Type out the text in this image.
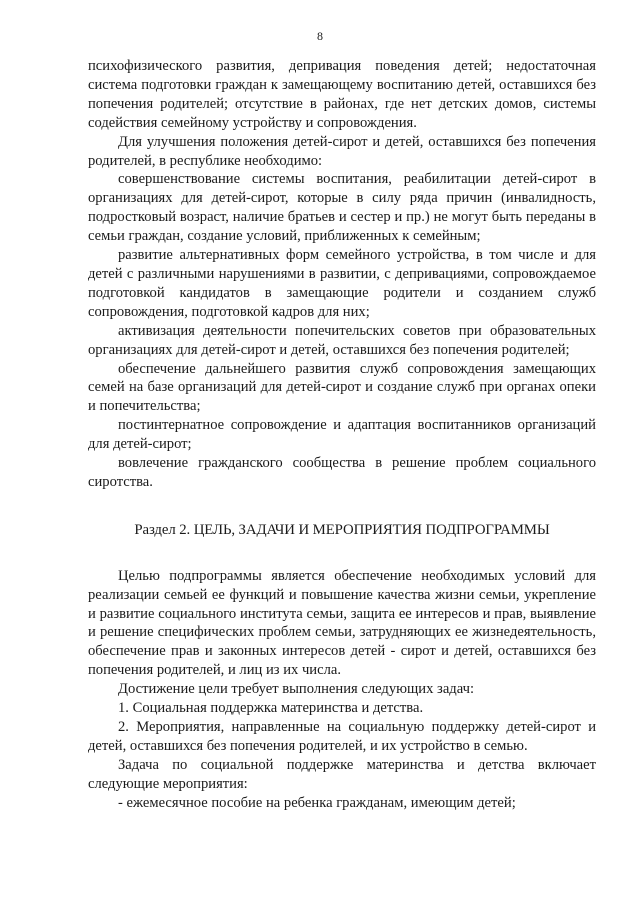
8

психофизического развития, депривация поведения детей; недостаточная система подготовки граждан к замещающему воспитанию детей, оставшихся без попечения родителей; отсутствие в районах, где нет детских домов, системы содействия семейному устройству и сопровождения.

Для улучшения положения детей-сирот и детей, оставшихся без попечения родителей, в республике необходимо:

совершенствование системы воспитания, реабилитации детей-сирот в организациях для детей-сирот, которые в силу ряда причин (инвалидность, подростковый возраст, наличие братьев и сестер и пр.) не могут быть переданы в семьи граждан, создание условий, приближенных к семейным;

развитие альтернативных форм семейного устройства, в том числе и для детей с различными нарушениями в развитии, с депривациями, сопровождаемое подготовкой кандидатов в замещающие родители и созданием служб сопровождения, подготовкой кадров для них;

активизация деятельности попечительских советов при образовательных организациях для детей-сирот и детей, оставшихся без попечения родителей;

обеспечение дальнейшего развития служб сопровождения замещающих семей на базе организаций для детей-сирот и создание служб при органах опеки и попечительства;

постинтернатное сопровождение и адаптация воспитанников организаций для детей-сирот;

вовлечение гражданского сообщества в решение проблем социального сиротства.

Раздел 2. ЦЕЛЬ, ЗАДАЧИ И МЕРОПРИЯТИЯ ПОДПРОГРАММЫ

Целью подпрограммы является обеспечение необходимых условий для реализации семьей ее функций и повышение качества жизни семьи, укрепление и развитие социального института семьи, защита ее интересов и прав, выявление и решение специфических проблем семьи, затрудняющих ее жизнедеятельность, обеспечение прав и законных интересов детей - сирот и детей, оставшихся без попечения родителей, и лиц из их числа.

Достижение цели требует выполнения следующих задач:

1. Социальная поддержка материнства и детства.

2. Мероприятия, направленные на социальную поддержку детей-сирот и детей, оставшихся без попечения родителей, и их устройство в семью.

Задача по социальной поддержке материнства и детства включает следующие мероприятия:

- ежемесячное пособие на ребенка гражданам, имеющим детей;
